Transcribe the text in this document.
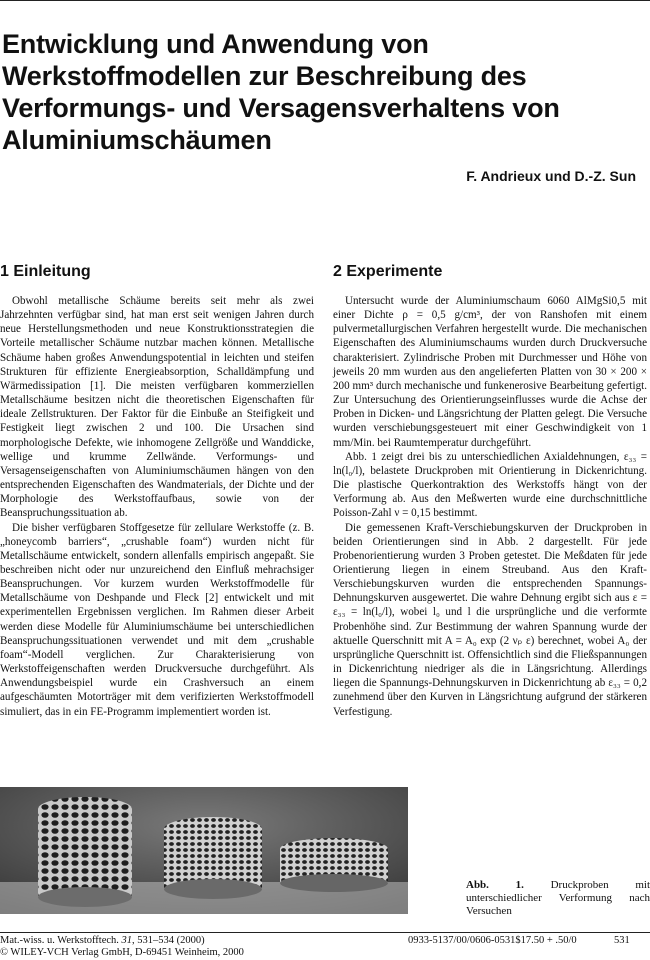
Entwicklung und Anwendung von
Werkstoffmodellen zur Beschreibung des
Verformungs- und Versagensverhaltens von
Aluminiumschäumen
F. Andrieux und D.-Z. Sun
1 Einleitung

Obwohl metallische Schäume bereits seit mehr als zwei Jahrzehnten verfügbar sind, hat man erst seit wenigen Jahren durch neue Herstellungsmethoden und neue Konstruktionsstrategien die Vorteile metallischer Schäume nutzbar machen können. Metallische Schäume haben großes Anwendungspotential in leichten und steifen Strukturen für effiziente Energieabsorption, Schalldämpfung und Wärmedissipation [1]. Die meisten verfügbaren kommerziellen Metallschäume besitzen nicht die theoretischen Eigenschaften für ideale Zellstrukturen. Der Faktor für die Einbuße an Steifigkeit und Festigkeit liegt zwischen 2 und 100. Die Ursachen sind morphologische Defekte, wie inhomogene Zellgröße und Wanddicke, wellige und krumme Zellwände. Verformungs- und Versagenseigenschaften von Aluminiumschäumen hängen von den entsprechenden Eigenschaften des Wandmaterials, der Dichte und der Morphologie des Werkstoffaufbaus, sowie von der Beanspruchungssituation ab.

Die bisher verfügbaren Stoffgesetze für zellulare Werkstoffe (z. B. „honeycomb barriers“, „crushable foam“) wurden nicht für Metallschäume entwickelt, sondern allenfalls empirisch angepaßt. Sie beschreiben nicht oder nur unzureichend den Einfluß mehrachsiger Beanspruchungen. Vor kurzem wurden Werkstoffmodelle für Metallschäume von Deshpande und Fleck [2] entwickelt und mit experimentellen Ergebnissen verglichen. Im Rahmen dieser Arbeit werden diese Modelle für Aluminiumschäume bei unterschiedlichen Beanspruchungssituationen verwendet und mit dem „crushable foam“-Modell verglichen. Zur Charakterisierung von Werkstoffeigenschaften werden Druckversuche durchgeführt. Als Anwendungsbeispiel wurde ein Crashversuch an einem aufgeschäumten Motorträger mit dem verifizierten Werkstoffmodell simuliert, das in ein FE-Programm implementiert worden ist.

2 Experimente

Untersucht wurde der Aluminiumschaum 6060 AlMgSi0,5 mit einer Dichte ρ = 0,5 g/cm³, der von Ranshofen mit einem pulvermetallurgischen Verfahren hergestellt wurde. Die mechanischen Eigenschaften des Aluminiumschaums wurden durch Druckversuche charakterisiert. Zylindrische Proben mit Durchmesser und Höhe von jeweils 20 mm wurden aus den angelieferten Platten von 30 × 200 × 200 mm³ durch mechanische und funkenerosive Bearbeitung gefertigt. Zur Untersuchung des Orientierungseinflusses wurde die Achse der Proben in Dicken- und Längsrichtung der Platten gelegt. Die Versuche wurden verschiebungsgesteuert mit einer Geschwindigkeit von 1 mm/Min. bei Raumtemperatur durchgeführt.

Abb. 1 zeigt drei bis zu unterschiedlichen Axialdehnungen, ε₃₃ = ln(l₀/l), belastete Druckproben mit Orientierung in Dickenrichtung. Die plastische Querkontraktion des Werkstoffs hängt von der Verformung ab. Aus den Meßwerten wurde eine durchschnittliche Poisson-Zahl ν = 0,15 bestimmt.

Die gemessenen Kraft-Verschiebungskurven der Druckproben in beiden Orientierungen sind in Abb. 2 dargestellt. Für jede Probenorientierung wurden 3 Proben getestet. Die Meßdaten für jede Orientierung liegen in einem Streuband. Aus den Kraft-Verschiebungskurven wurden die entsprechenden Spannungs-Dehnungskurven ausgewertet. Die wahre Dehnung ergibt sich aus ε = ε₃₃ = ln(l₀/l), wobei l₀ und l die ursprüngliche und die verformte Probenhöhe sind. Zur Bestimmung der wahren Spannung wurde der aktuelle Querschnitt mit A = A₀ exp (2 νₚ ε) berechnet, wobei A₀ der ursprüngliche Querschnitt ist. Offensichtlich sind die Fließspannungen in Dickenrichtung niedriger als die in Längsrichtung. Allerdings liegen die Spannungs-Dehnungskurven in Dickenrichtung ab ε₃₃ = 0,2 zunehmend über den Kurven in Längsrichtung aufgrund der stärkeren Verfestigung.

Abb. 1. Druckproben mit unterschiedlicher Verformung nach Versuchen
Mat.-wiss. u. Werkstofftech. 31, 531–534 (2000)
© WILEY-VCH Verlag GmbH, D-69451 Weinheim, 2000
0933-5137/00/0606-0531$17.50 + .50/0	531
